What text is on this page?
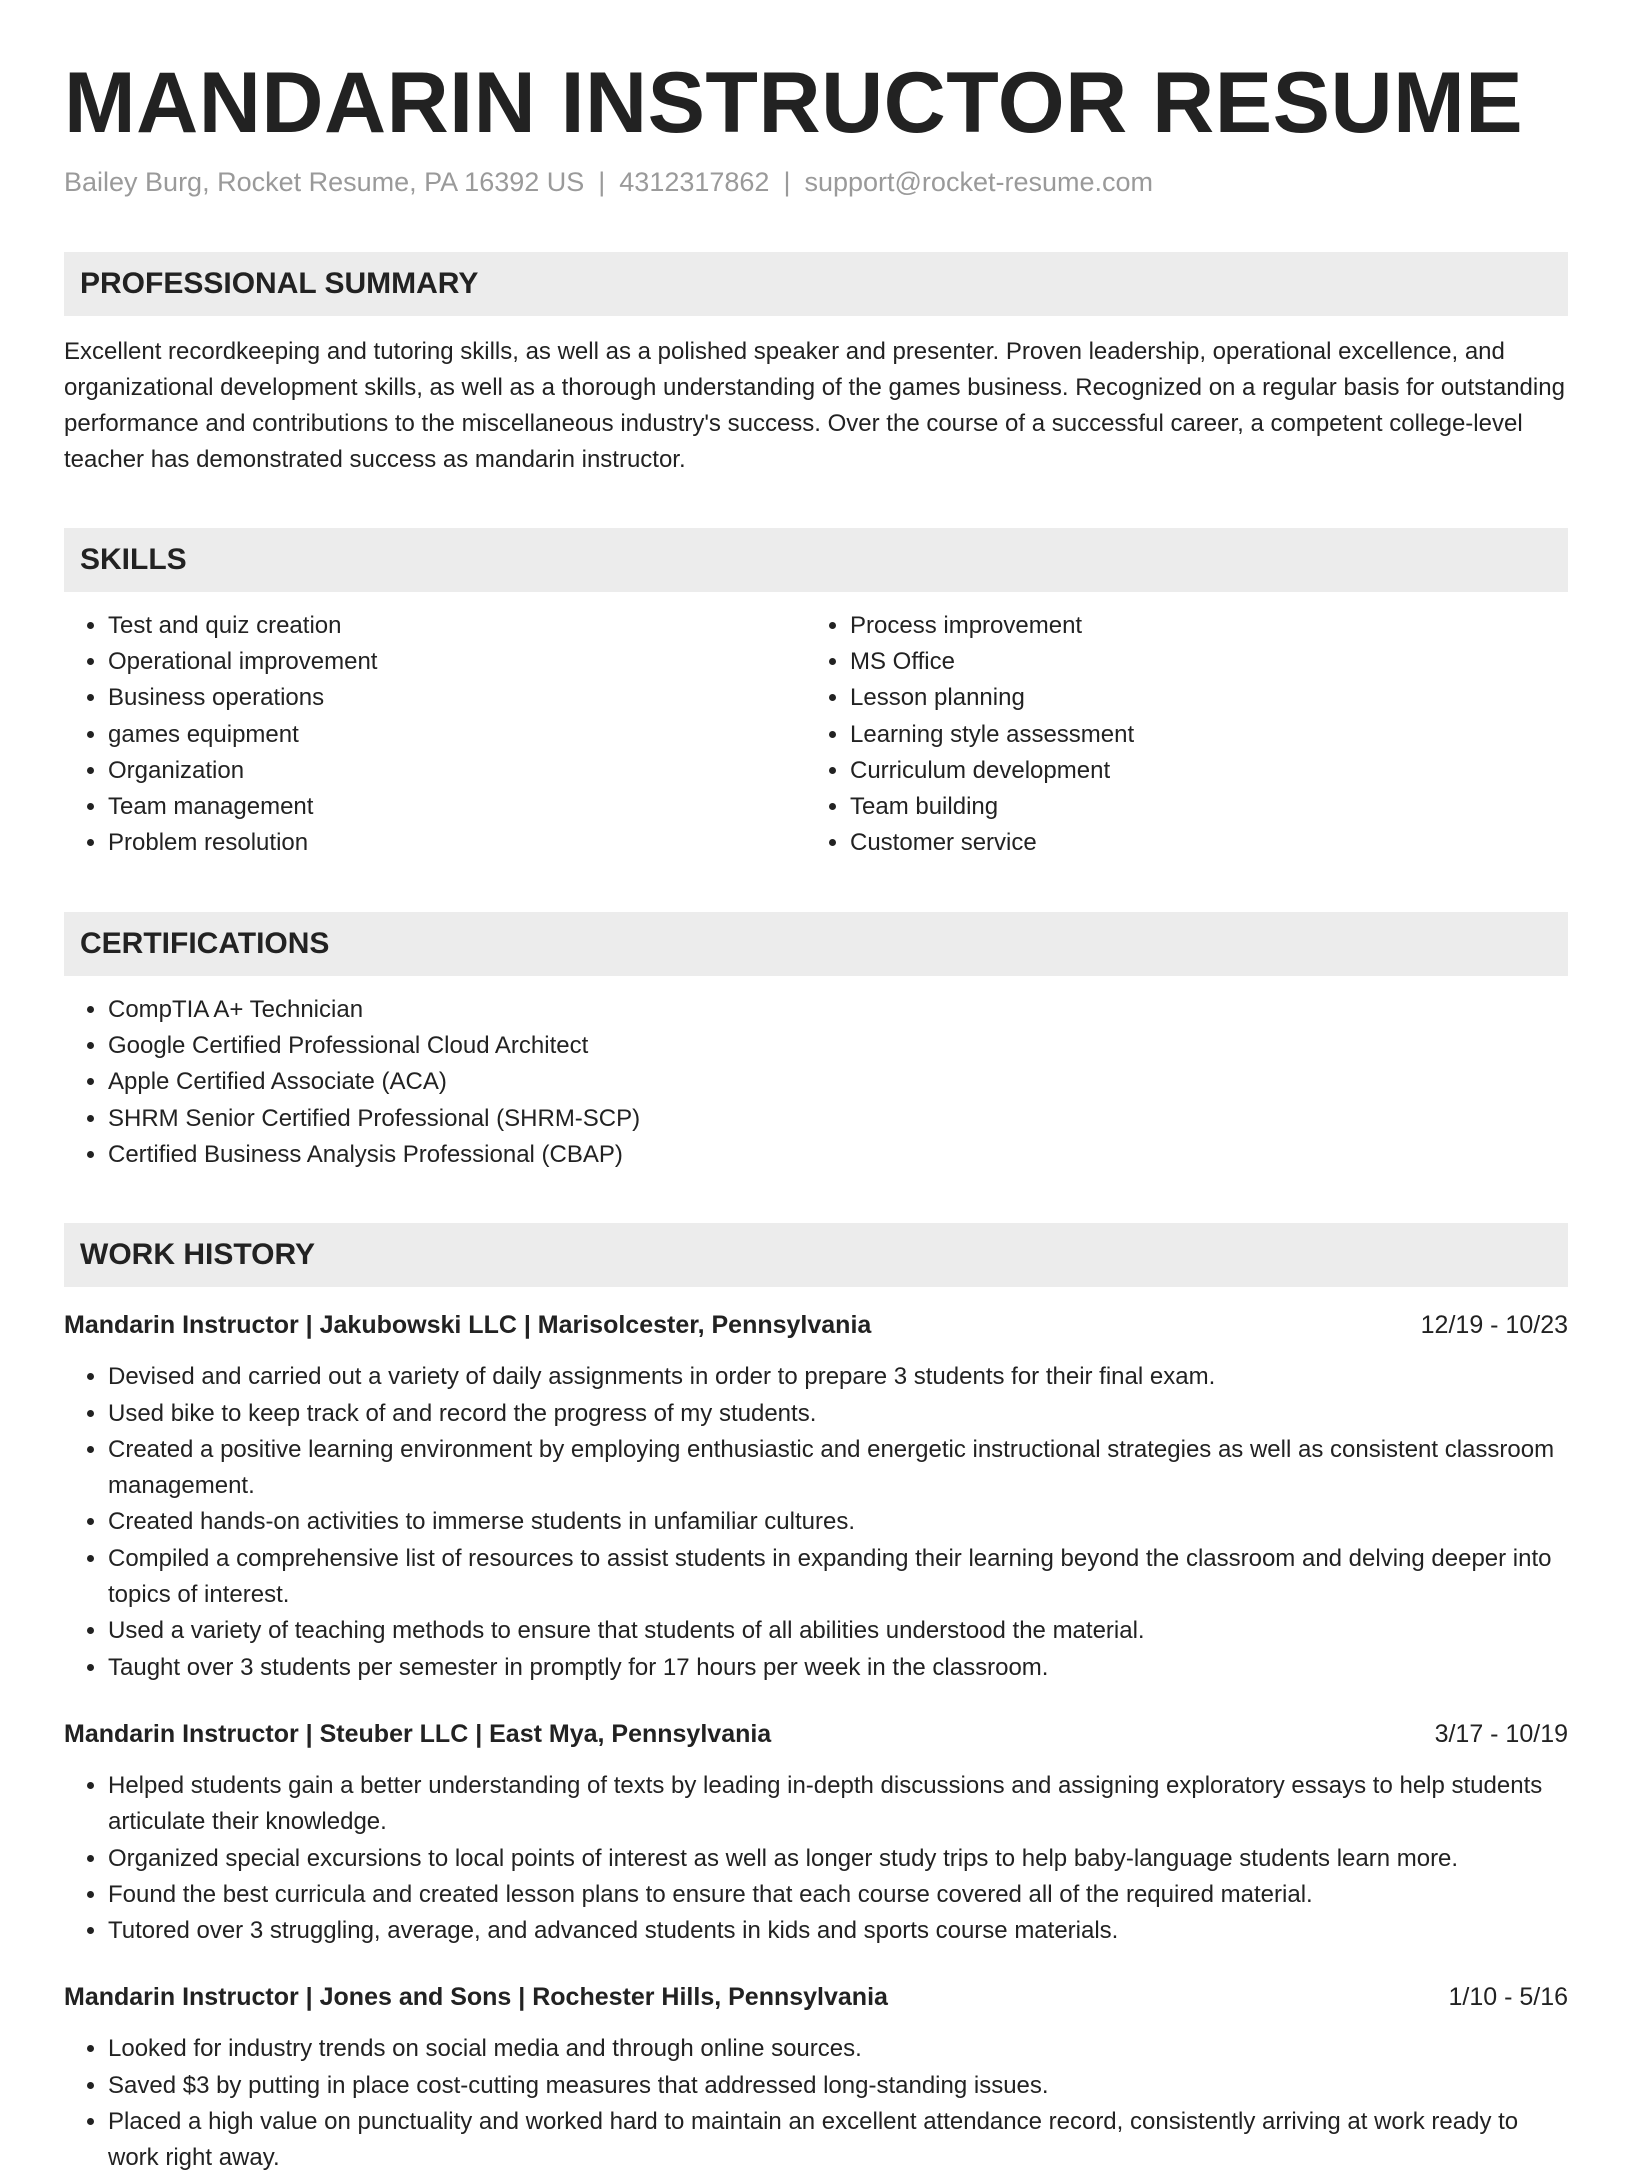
MANDARIN INSTRUCTOR RESUME
Bailey Burg, Rocket Resume, PA 16392 US | 4312317862 | support@rocket-resume.com
PROFESSIONAL SUMMARY

Excellent recordkeeping and tutoring skills, as well as a polished speaker and presenter. Proven leadership, operational excellence, and organizational development skills, as well as a thorough understanding of the games business. Recognized on a regular basis for outstanding performance and contributions to the miscellaneous industry's success. Over the course of a successful career, a competent college-level teacher has demonstrated success as mandarin instructor.

SKILLS
• Test and quiz creation
• Operational improvement
• Business operations
• games equipment
• Organization
• Team management
• Problem resolution
• Process improvement
• MS Office
• Lesson planning
• Learning style assessment
• Curriculum development
• Team building
• Customer service
CERTIFICATIONS
• CompTIA A+ Technician
• Google Certified Professional Cloud Architect
• Apple Certified Associate (ACA)
• SHRM Senior Certified Professional (SHRM-SCP)
• Certified Business Analysis Professional (CBAP)
WORK HISTORY
Mandarin Instructor | Jakubowski LLC | Marisolcester, Pennsylvania	12/19 - 10/23
• Devised and carried out a variety of daily assignments in order to prepare 3 students for their final exam.
• Used bike to keep track of and record the progress of my students.
• Created a positive learning environment by employing enthusiastic and energetic instructional strategies as well as consistent classroom management.
• Created hands-on activities to immerse students in unfamiliar cultures.
• Compiled a comprehensive list of resources to assist students in expanding their learning beyond the classroom and delving deeper into topics of interest.
• Used a variety of teaching methods to ensure that students of all abilities understood the material.
• Taught over 3 students per semester in promptly for 17 hours per week in the classroom.
Mandarin Instructor | Steuber LLC | East Mya, Pennsylvania	3/17 - 10/19
• Helped students gain a better understanding of texts by leading in-depth discussions and assigning exploratory essays to help students articulate their knowledge.
• Organized special excursions to local points of interest as well as longer study trips to help baby-language students learn more.
• Found the best curricula and created lesson plans to ensure that each course covered all of the required material.
• Tutored over 3 struggling, average, and advanced students in kids and sports course materials.
Mandarin Instructor | Jones and Sons | Rochester Hills, Pennsylvania	1/10 - 5/16
• Looked for industry trends on social media and through online sources.
• Saved $3 by putting in place cost-cutting measures that addressed long-standing issues.
• Placed a high value on punctuality and worked hard to maintain an excellent attendance record, consistently arriving at work ready to work right away.
